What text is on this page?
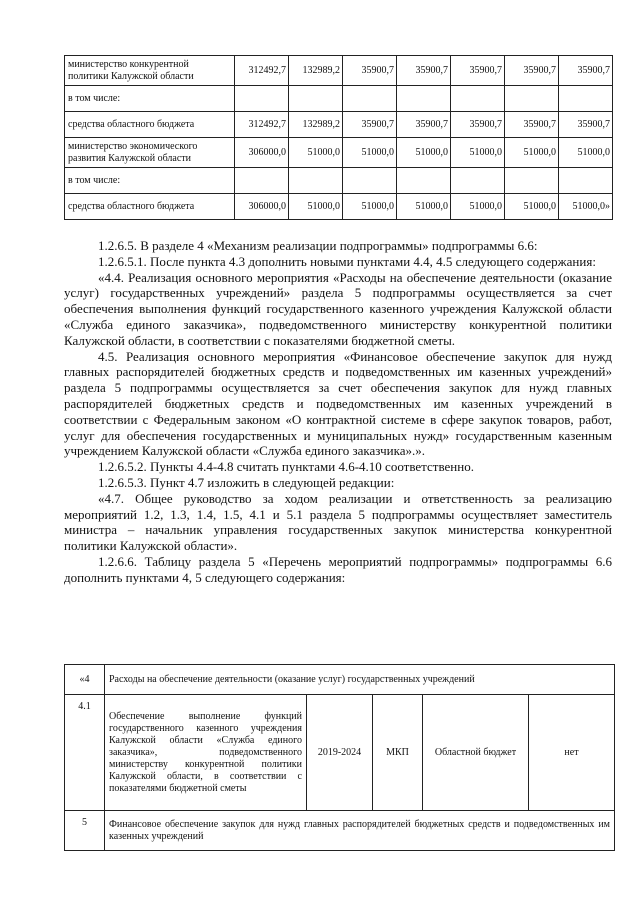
министерство конкурентной политики Калужской области	312492,7	132989,2	35900,7	35900,7	35900,7	35900,7	35900,7
в том числе:							
средства областного бюджета	312492,7	132989,2	35900,7	35900,7	35900,7	35900,7	35900,7
министерство экономического развития Калужской области	306000,0	51000,0	51000,0	51000,0	51000,0	51000,0	51000,0
в том числе:							
средства областного бюджета	306000,0	51000,0	51000,0	51000,0	51000,0	51000,0	51000,0»

1.2.6.5. В разделе 4 «Механизм реализации подпрограммы» подпрограммы 6.6:

1.2.6.5.1. После пункта 4.3 дополнить новыми пунктами 4.4, 4.5 следующего содержания:

«4.4. Реализация основного мероприятия «Расходы на обеспечение деятельности (оказание услуг) государственных учреждений» раздела 5 подпрограммы осуществляется за счет обеспечения выполнения функций государственного казенного учреждения Калужской области «Служба единого заказчика», подведомственного министерству конкурентной политики Калужской области, в соответствии с показателями бюджетной сметы.

4.5. Реализация основного мероприятия «Финансовое обеспечение закупок для нужд главных распорядителей бюджетных средств и подведомственных им казенных учреждений» раздела 5 подпрограммы осуществляется за счет обеспечения закупок для нужд главных распорядителей бюджетных средств и подведомственных им казенных учреждений в соответствии с Федеральным законом «О контрактной системе в сфере закупок товаров, работ, услуг для обеспечения государственных и муниципальных нужд» государственным казенным учреждением Калужской области «Служба единого заказчика».».

1.2.6.5.2. Пункты 4.4-4.8 считать пунктами 4.6-4.10 соответственно.

1.2.6.5.3. Пункт 4.7 изложить в следующей редакции:

«4.7. Общее руководство за ходом реализации и ответственность за реализацию мероприятий 1.2, 1.3, 1.4, 1.5, 4.1 и 5.1 раздела 5 подпрограммы осуществляет заместитель министра – начальник управления государственных закупок министерства конкурентной политики Калужской области».

1.2.6.6. Таблицу раздела 5 «Перечень мероприятий подпрограммы» подпрограммы 6.6 дополнить пунктами 4, 5 следующего содержания:

«4	Расходы на обеспечение деятельности (оказание услуг) государственных учреждений				
4.1	Обеспечение выполнение функций государственного казенного учреждения Калужской области «Служба единого заказчика», подведомственного министерству конкурентной политики Калужской области, в соответствии с показателями бюджетной сметы	2019-2024	МКП	Областной бюджет	нет
5	Финансовое обеспечение закупок для нужд главных распорядителей бюджетных средств и подведомственных им казенных учреждений				
